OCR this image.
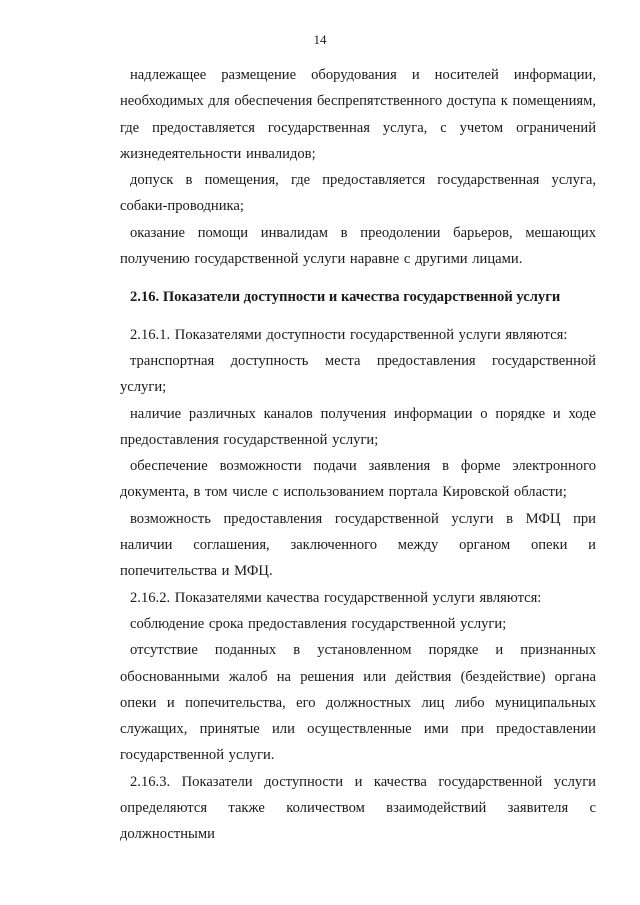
14

надлежащее размещение оборудования и носителей информации, необходимых для обеспечения беспрепятственного доступа к помещениям, где предоставляется государственная услуга, с учетом ограничений жизнедеятельности инвалидов;

допуск в помещения, где предоставляется государственная услуга, собаки-проводника;

оказание помощи инвалидам в преодолении барьеров, мешающих получению государственной услуги наравне с другими лицами.

2.16. Показатели доступности и качества государственной услуги

2.16.1. Показателями доступности государственной услуги являются:

транспортная доступность места предоставления государственной услуги;

наличие различных каналов получения информации о порядке и ходе предоставления государственной услуги;

обеспечение возможности подачи заявления в форме электронного документа, в том числе с использованием портала Кировской области;

возможность предоставления государственной услуги в МФЦ при наличии соглашения, заключенного между органом опеки и попечительства и МФЦ.

2.16.2. Показателями качества государственной услуги являются:

соблюдение срока предоставления государственной услуги;

отсутствие поданных в установленном порядке и признанных обоснованными жалоб на решения или действия (бездействие) органа опеки и попечительства, его должностных лиц либо муниципальных служащих, принятые или осуществленные ими при предоставлении государственной услуги.

2.16.3. Показатели доступности и качества государственной услуги определяются также количеством взаимодействий заявителя с должностными
